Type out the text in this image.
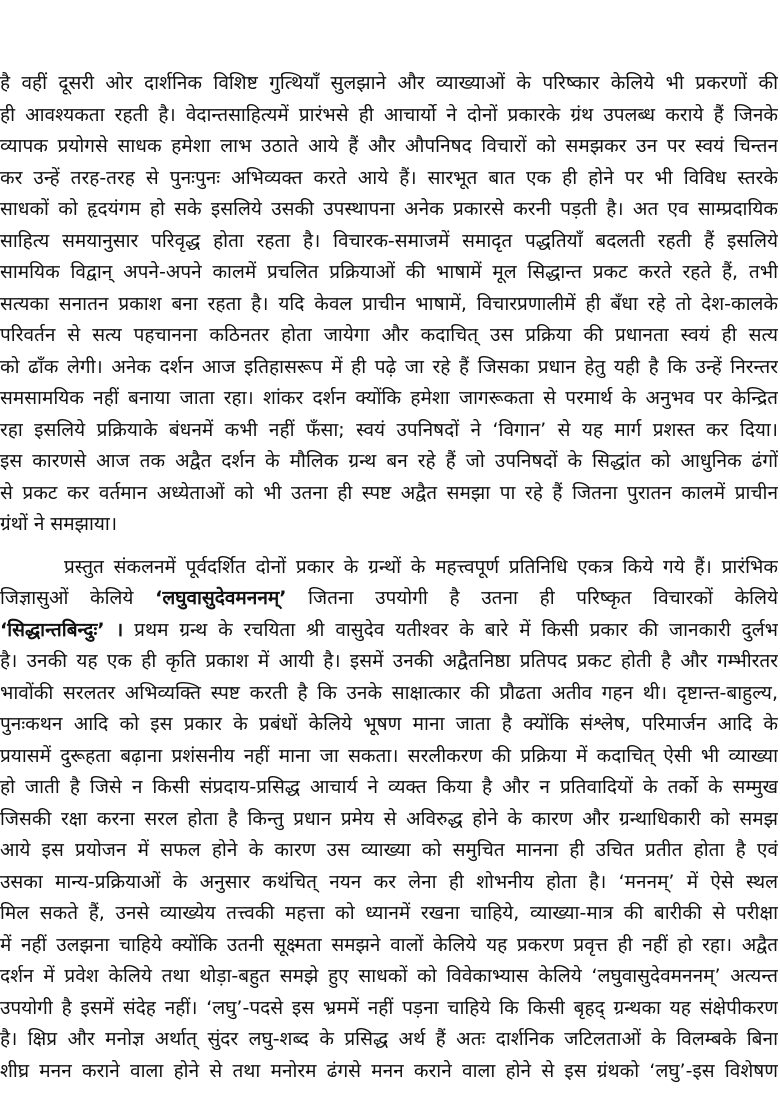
है वहीं दूसरी ओर दार्शनिक विशिष्ट गुत्थियाँ सुलझाने और व्याख्याओं के परिष्कार केलिये भी प्रकरणों की
ही आवश्यकता रहती है। वेदान्तसाहित्यमें प्रारंभसे ही आचार्यो ने दोनों प्रकारके ग्रंथ उपलब्ध कराये हैं जिनके
व्यापक प्रयोगसे साधक हमेशा लाभ उठाते आये हैं और औपनिषद विचारों को समझकर उन पर स्वयं चिन्तन
कर उन्हें तरह-तरह से पुनःपुनः अभिव्यक्त करते आये हैं। सारभूत बात एक ही होने पर भी विविध स्तरके
साधकों को हृदयंगम हो सके इसलिये उसकी उपस्थापना अनेक प्रकारसे करनी पड़ती है। अत एव साम्प्रदायिक
साहित्य समयानुसार परिवृद्ध होता रहता है। विचारक-समाजमें समादृत पद्धतियाँ बदलती रहती हैं इसलिये
सामयिक विद्वान् अपने-अपने कालमें प्रचलित प्रक्रियाओं की भाषामें मूल सिद्धान्त प्रकट करते रहते हैं, तभी
सत्यका सनातन प्रकाश बना रहता है। यदि केवल प्राचीन भाषामें, विचारप्रणालीमें ही बँधा रहे तो देश-कालके
परिवर्तन से सत्य पहचानना कठिनतर होता जायेगा और कदाचित् उस प्रक्रिया की प्रधानता स्वयं ही सत्य
को ढाँक लेगी। अनेक दर्शन आज इतिहासरूप में ही पढ़े जा रहे हैं जिसका प्रधान हेतु यही है कि उन्हें निरन्तर
समसामयिक नहीं बनाया जाता रहा। शांकर दर्शन क्योंकि हमेशा जागरूकता से परमार्थ के अनुभव पर केन्द्रित
रहा इसलिये प्रक्रियाके बंधनमें कभी नहीं फँसा; स्वयं उपनिषदों ने ‘विगान’ से यह मार्ग प्रशस्त कर दिया।
इस कारणसे आज तक अद्वैत दर्शन के मौलिक ग्रन्थ बन रहे हैं जो उपनिषदों के सिद्धांत को आधुनिक ढंगों
से प्रकट कर वर्तमान अध्येताओं को भी उतना ही स्पष्ट अद्वैत समझा पा रहे हैं जितना पुरातन कालमें प्राचीन
ग्रंथों ने समझाया।
प्रस्तुत संकलनमें पूर्वदर्शित दोनों प्रकार के ग्रन्थों के महत्त्वपूर्ण प्रतिनिधि एकत्र किये गये हैं। प्रारंभिक
जिज्ञासुओं केलिये ‘लघुवासुदेवमननम्’ जितना उपयोगी है उतना ही परिष्कृत विचारकों केलिये
‘सिद्धान्तबिन्दुः’ । प्रथम ग्रन्थ के रचयिता श्री वासुदेव यतीश्वर के बारे में किसी प्रकार की जानकारी दुर्लभ
है। उनकी यह एक ही कृति प्रकाश में आयी है। इसमें उनकी अद्वैतनिष्ठा प्रतिपद प्रकट होती है और गम्भीरतर
भावोंकी सरलतर अभिव्यक्ति स्पष्ट करती है कि उनके साक्षात्कार की प्रौढता अतीव गहन थी। दृष्टान्त-बाहुल्य,
पुनःकथन आदि को इस प्रकार के प्रबंधों केलिये भूषण माना जाता है क्योंकि संश्लेष, परिमार्जन आदि के
प्रयासमें दुरूहता बढ़ाना प्रशंसनीय नहीं माना जा सकता। सरलीकरण की प्रक्रिया में कदाचित् ऐसी भी व्याख्या
हो जाती है जिसे न किसी संप्रदाय-प्रसिद्ध आचार्य ने व्यक्त किया है और न प्रतिवादियों के तर्को के सम्मुख
जिसकी रक्षा करना सरल होता है किन्तु प्रधान प्रमेय से अविरुद्ध होने के कारण और ग्रन्थाधिकारी को समझ
आये इस प्रयोजन में सफल होने के कारण उस व्याख्या को समुचित मानना ही उचित प्रतीत होता है एवं
उसका मान्य-प्रक्रियाओं के अनुसार कथंचित् नयन कर लेना ही शोभनीय होता है। ‘मननम्’ में ऐसे स्थल
मिल सकते हैं, उनसे व्याख्येय तत्त्वकी महत्ता को ध्यानमें रखना चाहिये, व्याख्या-मात्र की बारीकी से परीक्षा
में नहीं उलझना चाहिये क्योंकि उतनी सूक्ष्मता समझने वालों केलिये यह प्रकरण प्रवृत्त ही नहीं हो रहा। अद्वैत
दर्शन में प्रवेश केलिये तथा थोड़ा-बहुत समझे हुए साधकों को विवेकाभ्यास केलिये ‘लघुवासुदेवमननम्’ अत्यन्त
उपयोगी है इसमें संदेह नहीं। ‘लघु’-पदसे इस भ्रममें नहीं पड़ना चाहिये कि किसी बृहद् ग्रन्थका यह संक्षेपीकरण
है। क्षिप्र और मनोज्ञ अर्थात् सुंदर लघु-शब्द के प्रसिद्ध अर्थ हैं अतः दार्शनिक जटिलताओं के विलम्बके बिना
शीघ्र मनन कराने वाला होने से तथा मनोरम ढंगसे मनन कराने वाला होने से इस ग्रंथको ‘लघु’-इस विशेषण
